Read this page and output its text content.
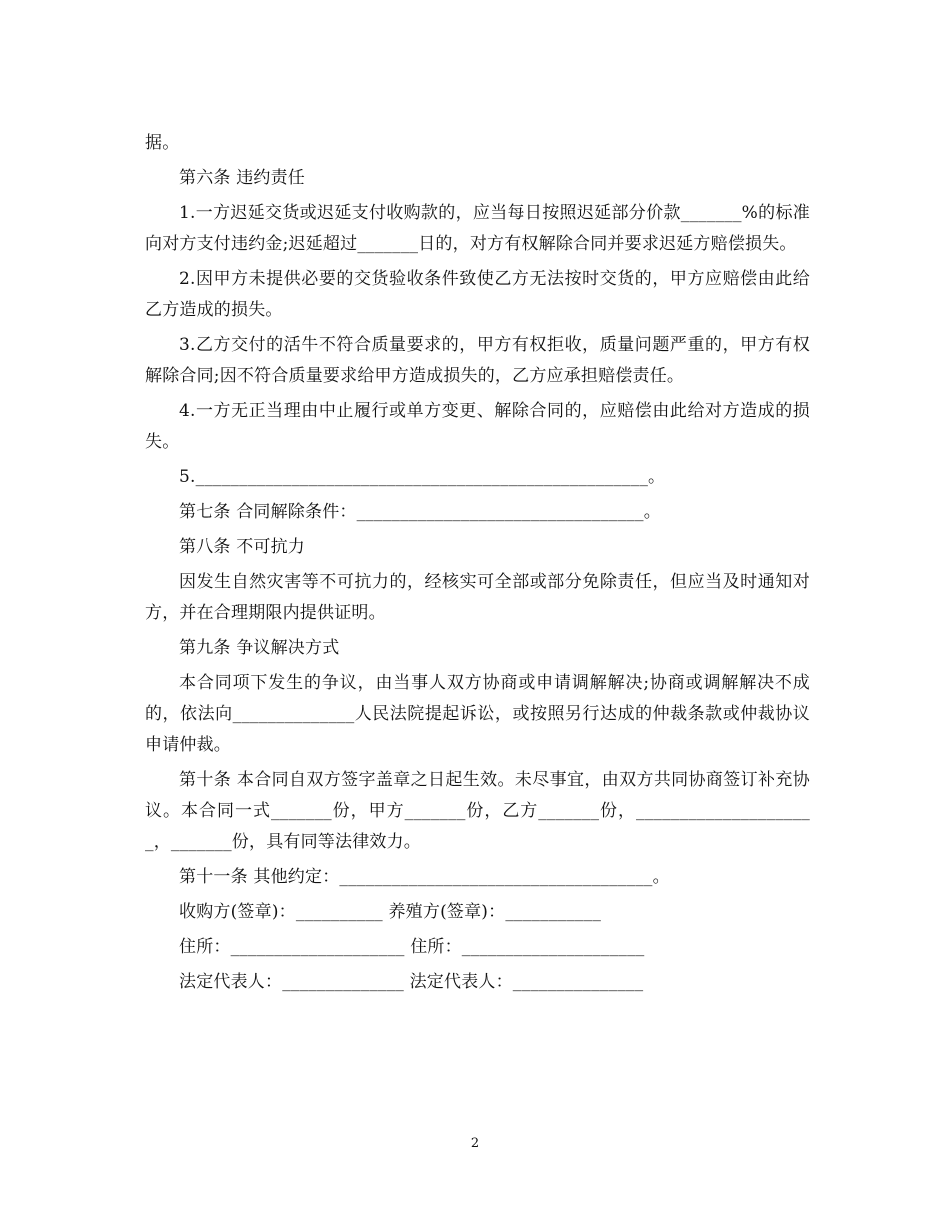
据。

第六条 违约责任

1.一方迟延交货或迟延支付收购款的，应当每日按照迟延部分价款_______%的标准向对方支付违约金;迟延超过_______日的，对方有权解除合同并要求迟延方赔偿损失。

2.因甲方未提供必要的交货验收条件致使乙方无法按时交货的，甲方应赔偿由此给乙方造成的损失。

3.乙方交付的活牛不符合质量要求的，甲方有权拒收，质量问题严重的，甲方有权解除合同;因不符合质量要求给甲方造成损失的，乙方应承担赔偿责任。

4.一方无正当理由中止履行或单方变更、解除合同的，应赔偿由此给对方造成的损失。

5.____________________________________________________。

第七条 合同解除条件：_________________________________。

第八条 不可抗力

因发生自然灾害等不可抗力的，经核实可全部或部分免除责任，但应当及时通知对方，并在合理期限内提供证明。

第九条 争议解决方式

本合同项下发生的争议，由当事人双方协商或申请调解解决;协商或调解解决不成的，依法向______________人民法院提起诉讼，或按照另行达成的仲裁条款或仲裁协议申请仲裁。

第十条 本合同自双方签字盖章之日起生效。未尽事宜，由双方共同协商签订补充协议。本合同一式_______份，甲方_______份，乙方_______份，_____________________，_______份，具有同等法律效力。

第十一条 其他约定：____________________________________。

收购方(签章)：__________ 养殖方(签章)：___________

住所：____________________ 住所：_____________________

法定代表人：______________ 法定代表人：_______________

2
